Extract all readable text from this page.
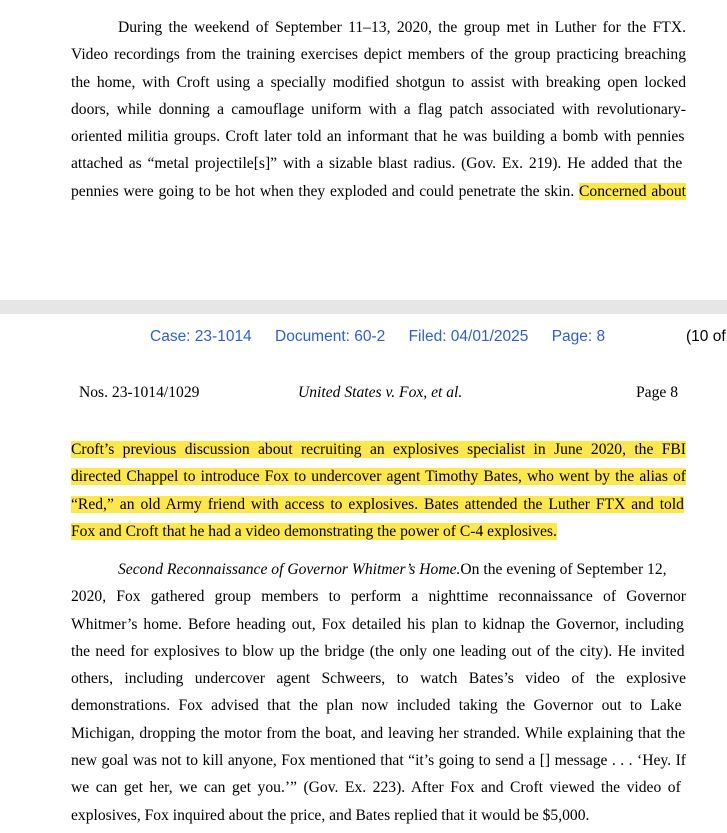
During the weekend of September 11–13, 2020, the group met in Luther for the FTX.
Video recordings from the training exercises depict members of the group practicing breaching
the home, with Croft using a specially modified shotgun to assist with breaking open locked
doors, while donning a camouflage uniform with a flag patch associated with revolutionary-
oriented militia groups. Croft later told an informant that he was building a bomb with pennies
attached as “metal projectile[s]” with a sizable blast radius. (Gov. Ex. 219). He added that the
pennies were going to be hot when they exploded and could penetrate the skin. Concerned about

Case: 23-1014 Document: 60-2 Filed: 04/01/2025 Page: 8	(10 of
Nos. 23-1014/1029	United States v. Fox, et al.	Page 8

Croft’s previous discussion about recruiting an explosives specialist in June 2020, the FBI
directed Chappel to introduce Fox to undercover agent Timothy Bates, who went by the alias of
“Red,” an old Army friend with access to explosives. Bates attended the Luther FTX and told
Fox and Croft that he had a video demonstrating the power of C-4 explosives.

Second Reconnaissance of Governor Whitmer’s Home.On the evening of September 12,
2020, Fox gathered group members to perform a nighttime reconnaissance of Governor
Whitmer’s home. Before heading out, Fox detailed his plan to kidnap the Governor, including
the need for explosives to blow up the bridge (the only one leading out of the city). He invited
others, including undercover agent Schweers, to watch Bates’s video of the explosive
demonstrations. Fox advised that the plan now included taking the Governor out to Lake
Michigan, dropping the motor from the boat, and leaving her stranded. While explaining that the
new goal was not to kill anyone, Fox mentioned that “it’s going to send a [] message . . . ‘Hey. If
we can get her, we can get you.’” (Gov. Ex. 223). After Fox and Croft viewed the video of
explosives, Fox inquired about the price, and Bates replied that it would be $5,000.
